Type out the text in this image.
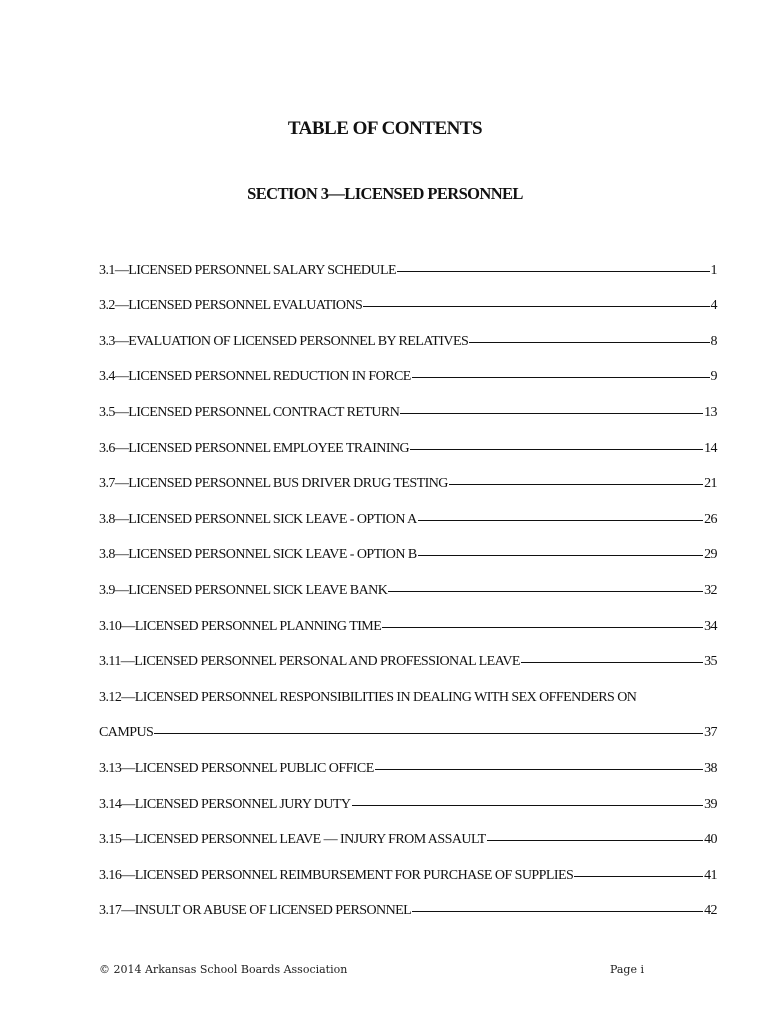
TABLE OF CONTENTS
SECTION 3—LICENSED PERSONNEL
3.1—LICENSED PERSONNEL SALARY SCHEDULE	1
3.2—LICENSED PERSONNEL EVALUATIONS	4
3.3—EVALUATION OF LICENSED PERSONNEL BY RELATIVES	8
3.4—LICENSED PERSONNEL REDUCTION IN FORCE	9
3.5—LICENSED PERSONNEL CONTRACT RETURN	13
3.6—LICENSED PERSONNEL EMPLOYEE TRAINING	14
3.7—LICENSED PERSONNEL BUS DRIVER DRUG TESTING	21
3.8—LICENSED PERSONNEL SICK LEAVE - OPTION A	26
3.8—LICENSED PERSONNEL SICK LEAVE - OPTION B	29
3.9—LICENSED PERSONNEL SICK LEAVE BANK	32
3.10—LICENSED PERSONNEL PLANNING TIME	34
3.11—LICENSED PERSONNEL PERSONAL AND PROFESSIONAL LEAVE	35
3.12—LICENSED PERSONNEL RESPONSIBILITIES IN DEALING WITH SEX OFFENDERS ON
CAMPUS	37
3.13—LICENSED PERSONNEL PUBLIC OFFICE	38
3.14—LICENSED PERSONNEL JURY DUTY	39
3.15—LICENSED PERSONNEL LEAVE — INJURY FROM ASSAULT	40
3.16—LICENSED PERSONNEL REIMBURSEMENT FOR PURCHASE OF SUPPLIES	41
3.17—INSULT OR ABUSE OF LICENSED PERSONNEL	42
© 2014 Arkansas School Boards Association	Page i
